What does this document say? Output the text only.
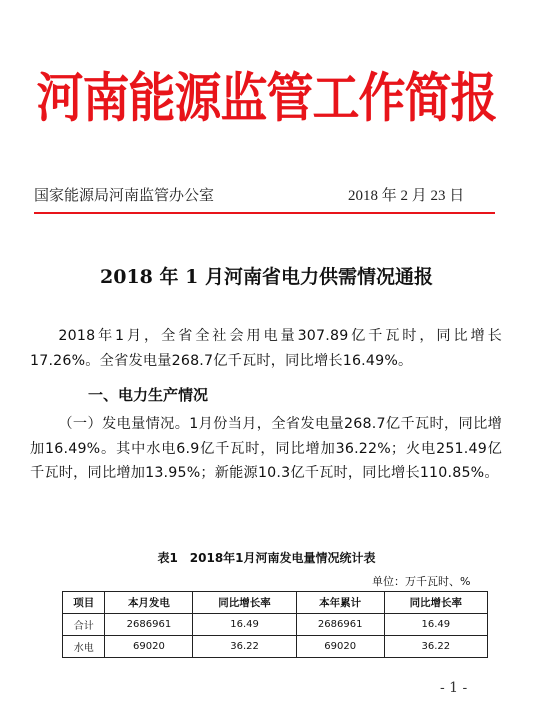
河南能源监管工作简报
国家能源局河南监管办公室	2018 年 2 月 23 日
2018 年 1 月河南省电力供需情况通报
2018年1月，全省全社会用电量307.89亿千瓦时，同比增长17.26%。全省发电量268.7亿千瓦时，同比增长16.49%。
一、电力生产情况
（一）发电量情况。1月份当月，全省发电量268.7亿千瓦时，同比增加16.49%。其中水电6.9亿千瓦时，同比增加36.22%；火电251.49亿千瓦时，同比增加13.95%；新能源10.3亿千瓦时，同比增长110.85%。
表1　2018年1月河南发电量情况统计表
单位：万千瓦时、%
项目	本月发电	同比增长率	本年累计	同比增长率
合计	2686961	16.49	2686961	16.49
水电	69020	36.22	69020	36.22
- 1 -
